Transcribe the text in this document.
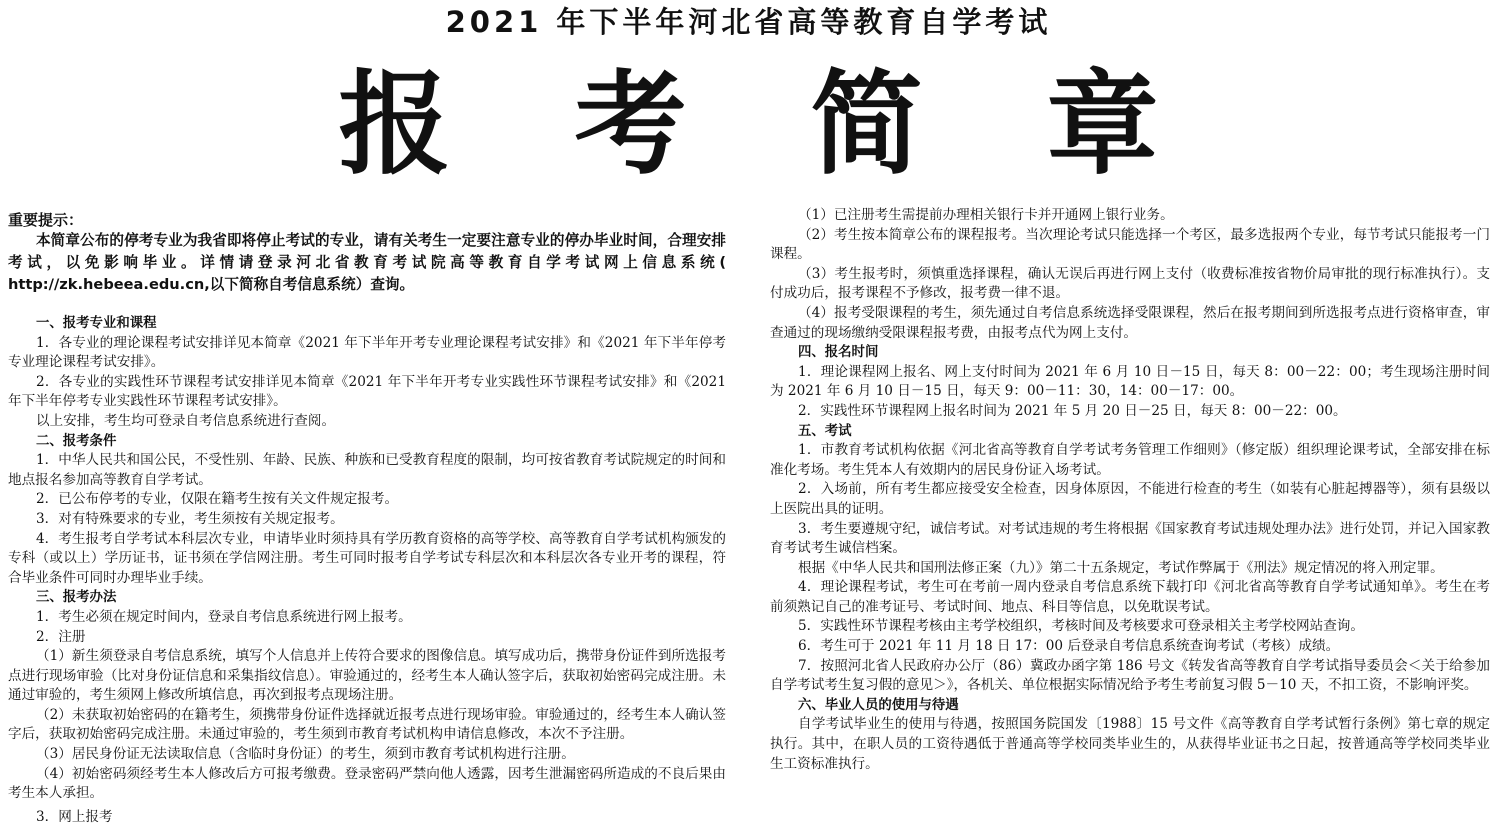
2021 年下半年河北省高等教育自学考试
报 考 简 章

重要提示：

本简章公布的停考专业为我省即将停止考试的专业，请有关考生一定要注意专业的停办毕业时间，合理安排考试，以免影响毕业。详情请登录河北省教育考试院高等教育自学考试网上信息系统( http://zk.hebeea.edu.cn,以下简称自考信息系统）查询。

一、报考专业和课程

1．各专业的理论课程考试安排详见本简章《2021 年下半年开考专业理论课程考试安排》和《2021 年下半年停考专业理论课程考试安排》。

2．各专业的实践性环节课程考试安排详见本简章《2021 年下半年开考专业实践性环节课程考试安排》和《2021 年下半年停考专业实践性环节课程考试安排》。

以上安排，考生均可登录自考信息系统进行查阅。

二、报考条件

1．中华人民共和国公民，不受性别、年龄、民族、种族和已受教育程度的限制，均可按省教育考试院规定的时间和地点报名参加高等教育自学考试。

2．已公布停考的专业，仅限在籍考生按有关文件规定报考。

3．对有特殊要求的专业，考生须按有关规定报考。

4．考生报考自学考试本科层次专业，申请毕业时须持具有学历教育资格的高等学校、高等教育自学考试机构颁发的专科（或以上）学历证书，证书须在学信网注册。考生可同时报考自学考试专科层次和本科层次各专业开考的课程，符合毕业条件可同时办理毕业手续。

三、报考办法

1．考生必须在规定时间内，登录自考信息系统进行网上报考。

2．注册

（1）新生须登录自考信息系统，填写个人信息并上传符合要求的图像信息。填写成功后，携带身份证件到所选报考点进行现场审验（比对身份证信息和采集指纹信息）。审验通过的，经考生本人确认签字后，获取初始密码完成注册。未通过审验的，考生须网上修改所填信息，再次到报考点现场注册。

（2）未获取初始密码的在籍考生，须携带身份证件选择就近报考点进行现场审验。审验通过的，经考生本人确认签字后，获取初始密码完成注册。未通过审验的，考生须到市教育考试机构申请信息修改，本次不予注册。

（3）居民身份证无法读取信息（含临时身份证）的考生，须到市教育考试机构进行注册。

（4）初始密码须经考生本人修改后方可报考缴费。登录密码严禁向他人透露，因考生泄漏密码所造成的不良后果由考生本人承担。

3．网上报考

（1）已注册考生需提前办理相关银行卡并开通网上银行业务。

（2）考生按本简章公布的课程报考。当次理论考试只能选择一个考区，最多选报两个专业，每节考试只能报考一门课程。

（3）考生报考时，须慎重选择课程，确认无误后再进行网上支付（收费标准按省物价局审批的现行标准执行）。支付成功后，报考课程不予修改，报考费一律不退。

（4）报考受限课程的考生，须先通过自考信息系统选择受限课程，然后在报考期间到所选报考点进行资格审查，审查通过的现场缴纳受限课程报考费，由报考点代为网上支付。

四、报名时间

1．理论课程网上报名、网上支付时间为 2021 年 6 月 10 日－15 日，每天 8：00－22：00；考生现场注册时间为 2021 年 6 月 10 日－15 日，每天 9：00－11：30，14：00－17：00。

2．实践性环节课程网上报名时间为 2021 年 5 月 20 日－25 日，每天 8：00－22：00。

五、考试

1．市教育考试机构依据《河北省高等教育自学考试考务管理工作细则》（修定版）组织理论课考试，全部安排在标准化考场。考生凭本人有效期内的居民身份证入场考试。

2．入场前，所有考生都应接受安全检查，因身体原因，不能进行检查的考生（如装有心脏起搏器等），须有县级以上医院出具的证明。

3．考生要遵规守纪，诚信考试。对考试违规的考生将根据《国家教育考试违规处理办法》进行处罚，并记入国家教育考试考生诚信档案。

根据《中华人民共和国刑法修正案（九）》第二十五条规定，考试作弊属于《刑法》规定情况的将入刑定罪。

4．理论课程考试，考生可在考前一周内登录自考信息系统下载打印《河北省高等教育自学考试通知单》。考生在考前须熟记自己的准考证号、考试时间、地点、科目等信息，以免耽误考试。

5．实践性环节课程考核由主考学校组织，考核时间及考核要求可登录相关主考学校网站查询。

6．考生可于 2021 年 11 月 18 日 17：00 后登录自考信息系统查询考试（考核）成绩。

7．按照河北省人民政府办公厅（86）冀政办函字第 186 号文《转发省高等教育自学考试指导委员会＜关于给参加自学考试考生复习假的意见＞》，各机关、单位根据实际情况给予考生考前复习假 5－10 天，不扣工资，不影响评奖。

六、毕业人员的使用与待遇

自学考试毕业生的使用与待遇，按照国务院国发〔1988〕15 号文件《高等教育自学考试暂行条例》第七章的规定执行。其中，在职人员的工资待遇低于普通高等学校同类毕业生的，从获得毕业证书之日起，按普通高等学校同类毕业生工资标准执行。
